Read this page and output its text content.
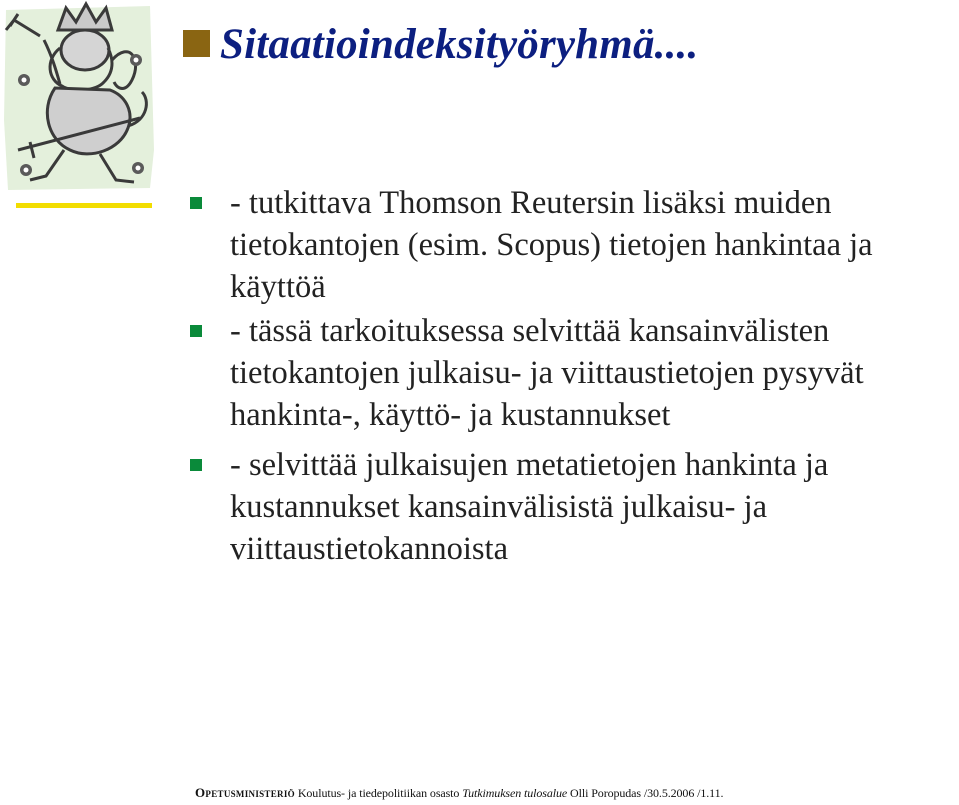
Sitaatioindeksityöryhmä....

- tutkittava Thomson Reutersin lisäksi muiden tietokantojen (esim. Scopus) tietojen hankintaa ja käyttöä

- tässä tarkoituksessa selvittää kansainvälisten tietokantojen julkaisu- ja viittaustietojen pysyvät hankinta-, käyttö- ja kustannukset

- selvittää julkaisujen metatietojen hankinta ja kustannukset kansainvälisistä julkaisu- ja viittaustietokannoista

Opetusministeriö Koulutus- ja tiedepolitiikan osasto Tutkimuksen tulosalue Olli Poropudas /30.5.2006 /1.11.
